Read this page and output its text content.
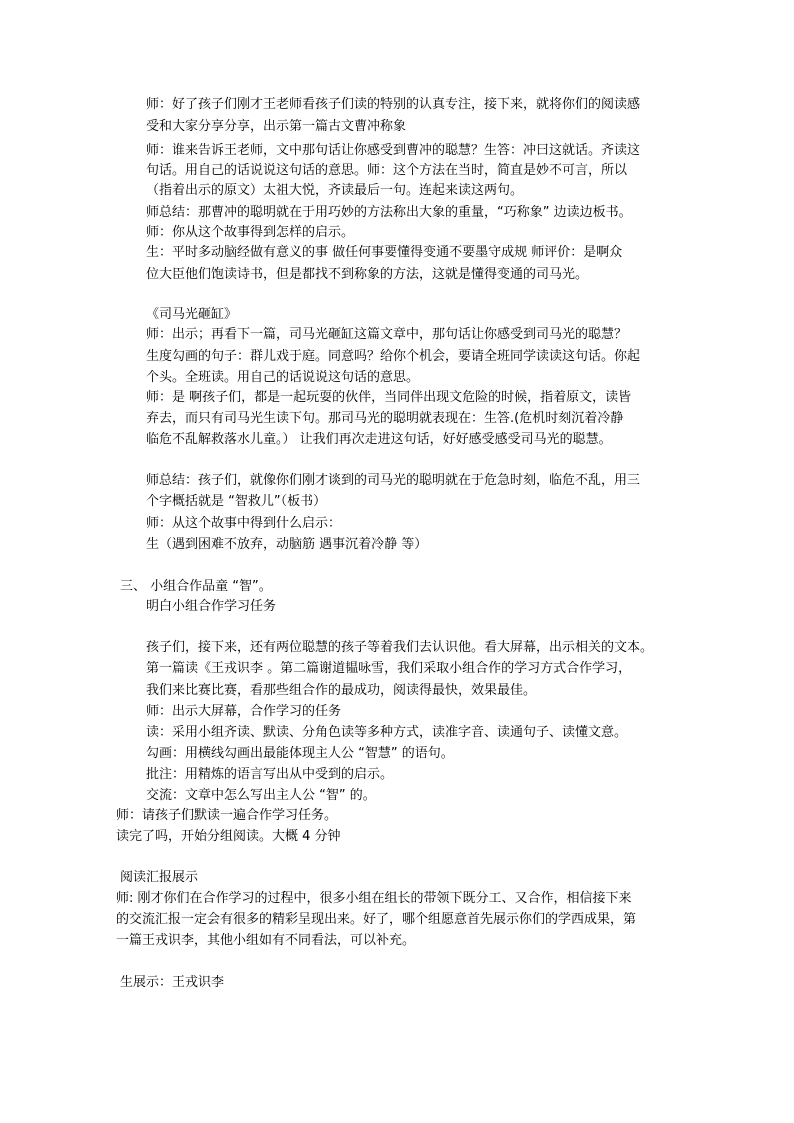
师：好了孩子们刚才王老师看孩子们读的特别的认真专注，接下来，就将你们的阅读感
受和大家分享分享，出示第一篇古文曹冲称象
师：谁来告诉王老师，文中那句话让你感受到曹冲的聪慧？生答：冲曰这就话。齐读这
句话。用自己的话说说这句话的意思。师：这个方法在当时，简直是妙不可言，所以
（指着出示的原文）太祖大悦，齐读最后一句。连起来读这两句。
师总结：那曹冲的聪明就在于用巧妙的方法称出大象的重量，“巧称象” 边读边板书。
师：你从这个故事得到怎样的启示。
生：平时多动脑经做有意义的事 做任何事要懂得变通不要墨守成规 师评价：是啊众
位大臣他们饱读诗书，但是都找不到称象的方法，这就是懂得变通的司马光。
《司马光砸缸》
师：出示；再看下一篇，司马光砸缸这篇文章中，那句话让你感受到司马光的聪慧？
生度勾画的句子：群儿戏于庭。同意吗？给你个机会，要请全班同学读读这句话。你起
个头。全班读。用自己的话说说这句话的意思。
师：是 啊孩子们，都是一起玩耍的伙伴，当同伴出现文危险的时候，指着原文，读皆
弃去，而只有司马光生读下句。那司马光的聪明就表现在：生答.(危机时刻沉着冷静
临危不乱解救落水儿童。） 让我们再次走进这句话，好好感受感受司马光的聪慧。
师总结：孩子们，就像你们刚才谈到的司马光的聪明就在于危急时刻，临危不乱，用三
个字概括就是 “智救儿”（板书）
师：从这个故事中得到什么启示：
生（遇到困难不放弃，动脑筋 遇事沉着冷静 等）
三、 小组合作品童 “智”。
明白小组合作学习任务
孩子们，接下来，还有两位聪慧的孩子等着我们去认识他。看大屏幕，出示相关的文本。
第一篇读《王戎识李 。第二篇谢道韫咏雪，我们采取小组合作的学习方式合作学习，
我们来比赛比赛，看那些组合作的最成功，阅读得最快，效果最佳。
师：出示大屏幕，合作学习的任务
读：采用小组齐读、默读、分角色读等多种方式，读准字音、读通句子、读懂文意。
勾画：用横线勾画出最能体现主人公 “智慧” 的语句。
批注：用精炼的语言写出从中受到的启示。
交流：文章中怎么写出主人公 “智” 的。
师：请孩子们默读一遍合作学习任务。
读完了吗，开始分组阅读。大概 4 分钟
阅读汇报展示
师: 刚才你们在合作学习的过程中，很多小组在组长的带领下既分工、又合作，相信接下来
的交流汇报一定会有很多的精彩呈现出来。好了，哪个组愿意首先展示你们的学西成果，第
一篇王戎识李，其他小组如有不同看法，可以补充。
生展示：王戎识李
